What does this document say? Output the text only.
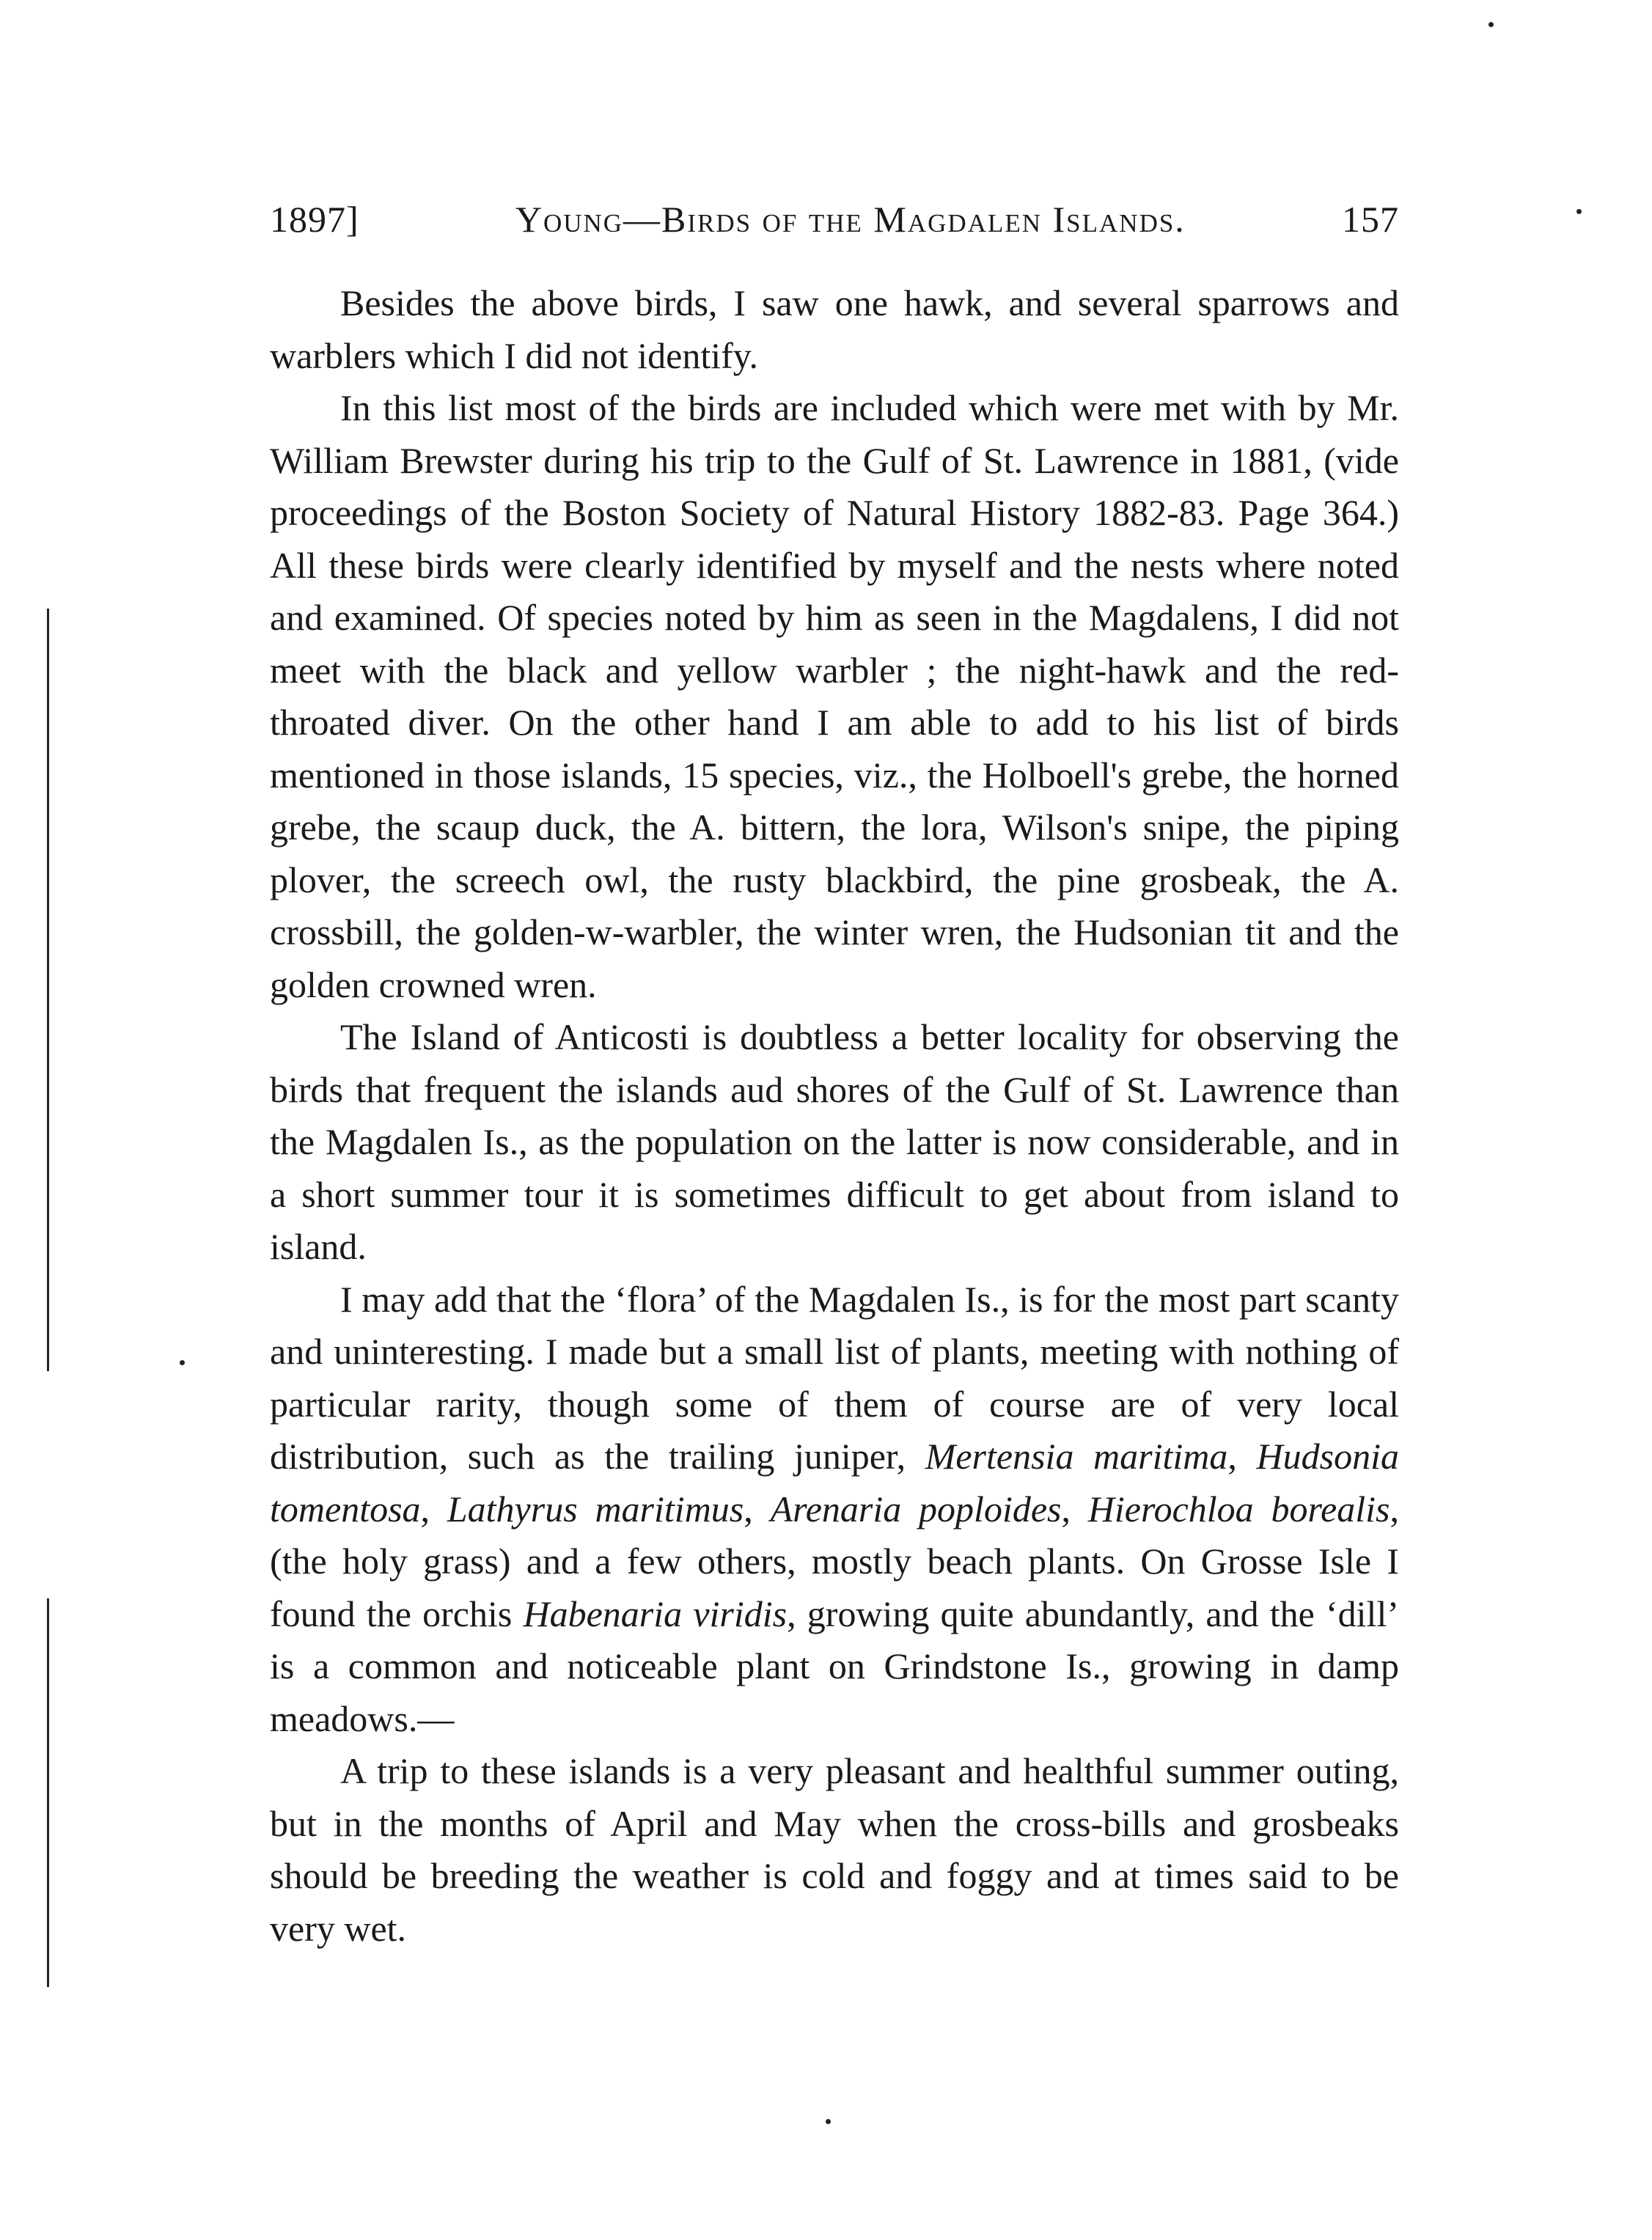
1897]	Young—Birds of the Magdalen Islands.	157

Besides the above birds, I saw one hawk, and several sparrows and warblers which I did not identify.

In this list most of the birds are included which were met with by Mr. William Brewster during his trip to the Gulf of St. Lawrence in 1881, (vide proceedings of the Boston Society of Natural History 1882-83. Page 364.) All these birds were clearly identified by myself and the nests where noted and examined. Of species noted by him as seen in the Magdalens, I did not meet with the black and yellow warbler ; the night-hawk and the red-throated diver. On the other hand I am able to add to his list of birds mentioned in those islands, 15 species, viz., the Holboell's grebe, the horned grebe, the scaup duck, the A. bittern, the lora, Wilson's snipe, the piping plover, the screech owl, the rusty blackbird, the pine grosbeak, the A. crossbill, the golden-w-warbler, the winter wren, the Hudsonian tit and the golden crowned wren.

The Island of Anticosti is doubtless a better locality for observing the birds that frequent the islands aud shores of the Gulf of St. Lawrence than the Magdalen Is., as the population on the latter is now considerable, and in a short summer tour it is sometimes difficult to get about from island to island.

I may add that the ‘flora’ of the Magdalen Is., is for the most part scanty and uninteresting. I made but a small list of plants, meeting with nothing of particular rarity, though some of them of course are of very local distribution, such as the trailing juniper, Mertensia maritima, Hudsonia tomentosa, Lathyrus maritimus, Arenaria poploides, Hierochloa borealis, (the holy grass) and a few others, mostly beach plants. On Grosse Isle I found the orchis Habenaria viridis, growing quite abundantly, and the ‘dill’ is a common and noticeable plant on Grindstone Is., growing in damp meadows.—

A trip to these islands is a very pleasant and healthful summer outing, but in the months of April and May when the cross-bills and grosbeaks should be breeding the weather is cold and foggy and at times said to be very wet.
